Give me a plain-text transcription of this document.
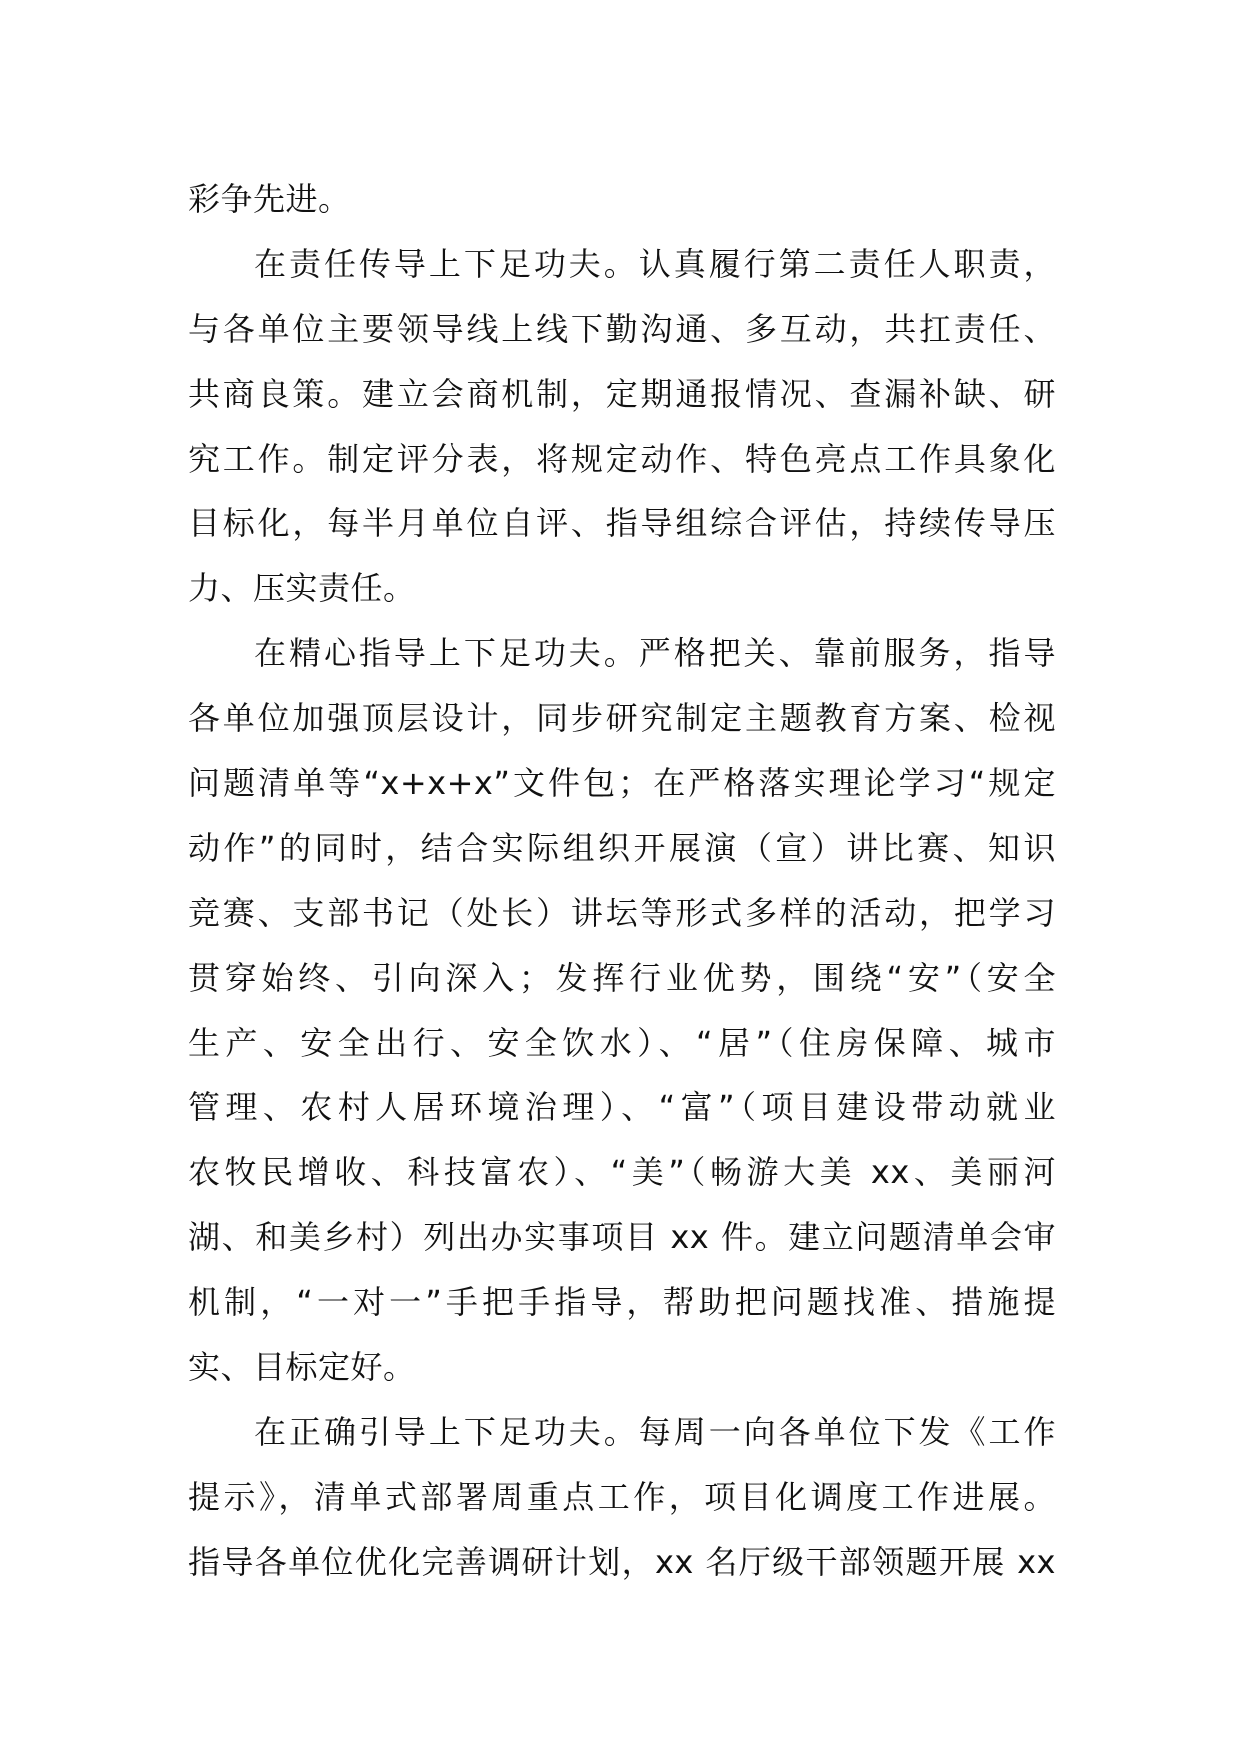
彩争先进。
在责任传导上下足功夫。认真履行第二责任人职责，
与各单位主要领导线上线下勤沟通、多互动，共扛责任、
共商良策。建立会商机制，定期通报情况、查漏补缺、研
究工作。制定评分表，将规定动作、特色亮点工作具象化
目标化，每半月单位自评、指导组综合评估，持续传导压
力、压实责任。
在精心指导上下足功夫。严格把关、靠前服务，指导
各单位加强顶层设计，同步研究制定主题教育方案、检视
问题清单等“x+x+x”文件包；在严格落实理论学习“规定
动作”的同时，结合实际组织开展演（宣）讲比赛、知识
竞赛、支部书记（处长）讲坛等形式多样的活动，把学习
贯穿始终、引向深入；发挥行业优势，围绕“安”（安全
生产、安全出行、安全饮水）、“居”（住房保障、城市
管理、农村人居环境治理）、“富”（项目建设带动就业
农牧民增收、科技富农）、“美”（畅游大美 xx、美丽河
湖、和美乡村）列出办实事项目 xx 件。建立问题清单会审
机制，“一对一”手把手指导，帮助把问题找准、措施提
实、目标定好。
在正确引导上下足功夫。每周一向各单位下发《工作
提示》，清单式部署周重点工作，项目化调度工作进展。
指导各单位优化完善调研计划，xx 名厅级干部领题开展 xx
